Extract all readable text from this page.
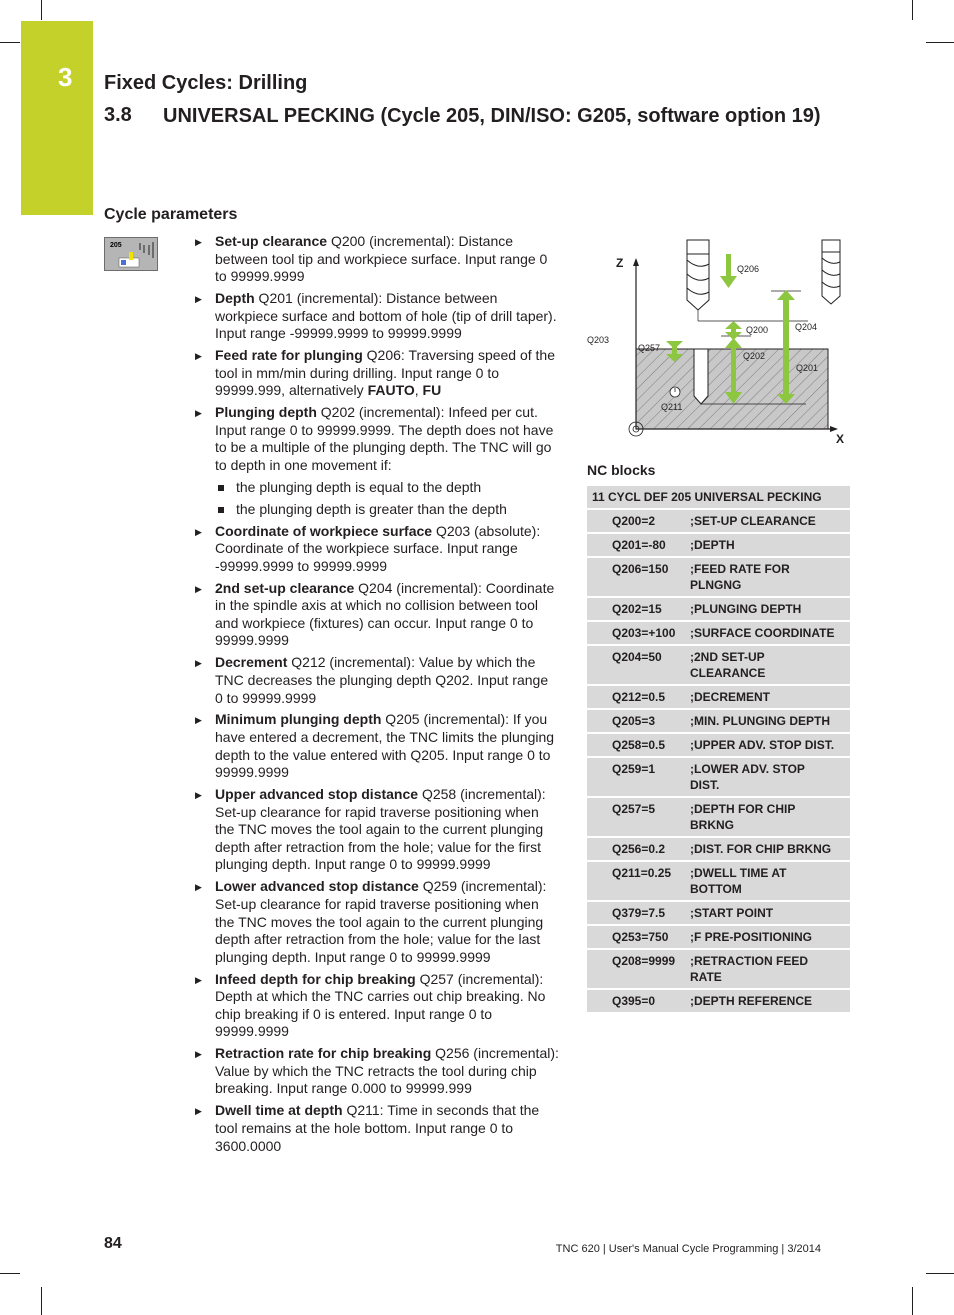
3 Fixed Cycles: Drilling
3.8 UNIVERSAL PECKING (Cycle 205, DIN/ISO: G205, software option 19)
Cycle parameters
205	▶ Set-up clearance Q200 (incremental): Distance between tool tip and workpiece surface. Input range 0 to 99999.9999
▶ Depth Q201 (incremental): Distance between workpiece surface and bottom of hole (tip of drill taper). Input range -99999.9999 to 99999.9999
▶ Feed rate for plunging Q206: Traversing speed of the tool in mm/min during drilling. Input range 0 to 99999.999, alternatively FAUTO, FU
▶ Plunging depth Q202 (incremental): Infeed per cut. Input range 0 to 99999.9999. The depth does not have to be a multiple of the plunging depth. The TNC will go to depth in one movement if:
the plunging depth is equal to the depth
the plunging depth is greater than the depth
▶ Coordinate of workpiece surface Q203 (absolute): Coordinate of the workpiece surface. Input range -99999.9999 to 99999.9999
▶ 2nd set-up clearance Q204 (incremental): Coordinate in the spindle axis at which no collision between tool and workpiece (fixtures) can occur. Input range 0 to 99999.9999
▶ Decrement Q212 (incremental): Value by which the TNC decreases the plunging depth Q202. Input range 0 to 99999.9999
▶ Minimum plunging depth Q205 (incremental): If you have entered a decrement, the TNC limits the plunging depth to the value entered with Q205. Input range 0 to 99999.9999
▶ Upper advanced stop distance Q258 (incremental): Set-up clearance for rapid traverse positioning when the TNC moves the tool again to the current plunging depth after retraction from the hole; value for the first plunging depth. Input range 0 to 99999.9999
▶ Lower advanced stop distance Q259 (incremental): Set-up clearance for rapid traverse positioning when the TNC moves the tool again to the current plunging depth after retraction from the hole; value for the last plunging depth. Input range 0 to 99999.9999
▶ Infeed depth for chip breaking Q257 (incremental): Depth at which the TNC carries out chip breaking. No chip breaking if 0 is entered. Input range 0 to 99999.9999
▶ Retraction rate for chip breaking Q256 (incremental): Value by which the TNC retracts the tool during chip breaking. Input range 0.000 to 99999.999
▶ Dwell time at depth Q211: Time in seconds that the tool remains at the hole bottom. Input range 0 to 3600.0000
Z
X
Q206
Q200	Q204
Q203
Q257
Q202
Q201
Q211
NC blocks
11 CYCL DEF 205 UNIVERSAL PECKING	
Q200=2	;SET-UP CLEARANCE
Q201=-80	;DEPTH
Q206=150	;FEED RATE FOR PLNGNG
Q202=15	;PLUNGING DEPTH
Q203=+100	;SURFACE COORDINATE
Q204=50	;2ND SET-UP CLEARANCE
Q212=0.5	;DECREMENT
Q205=3	;MIN. PLUNGING DEPTH
Q258=0.5	;UPPER ADV. STOP DIST.
Q259=1	;LOWER ADV. STOP DIST.
Q257=5	;DEPTH FOR CHIP BRKNG
Q256=0.2	;DIST. FOR CHIP BRKNG
Q211=0.25	;DWELL TIME AT BOTTOM
Q379=7.5	;START POINT
Q253=750	;F PRE-POSITIONING
Q208=9999	;RETRACTION FEED RATE
Q395=0	;DEPTH REFERENCE
84	TNC 620 | User's Manual Cycle Programming | 3/2014
